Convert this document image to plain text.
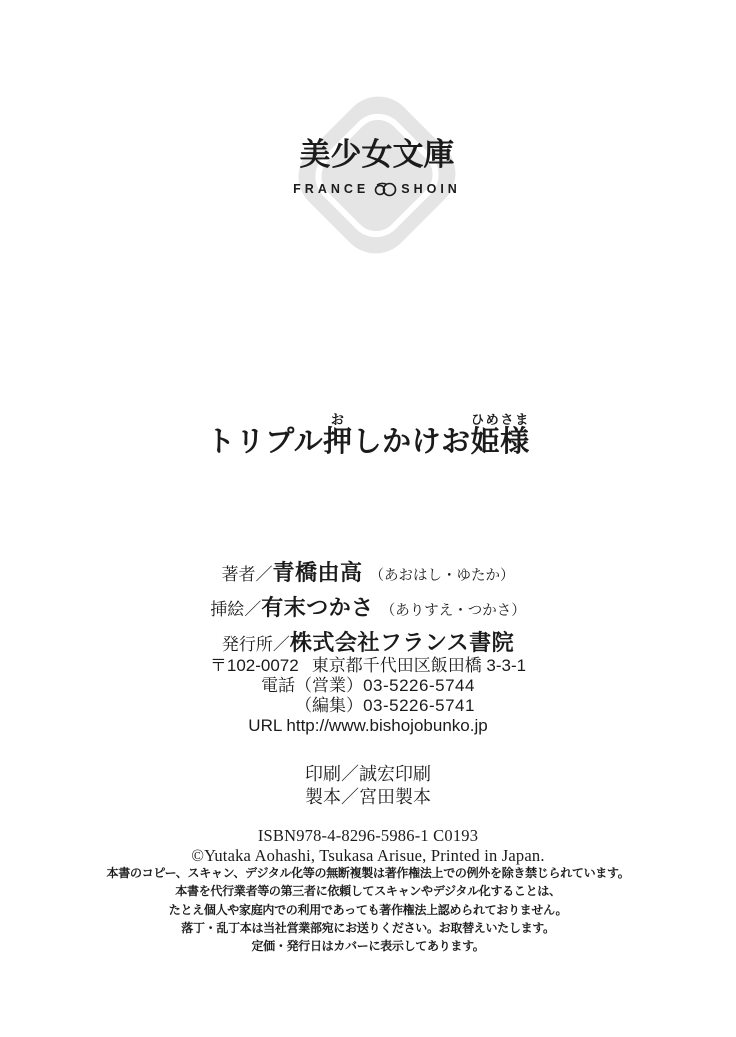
美少女文庫
FRANCE	SHOIN
トリプル押おしかけお姫様ひめさま
著者／青橋由高 （あおはし・ゆたか）
挿絵／有末つかさ （ありすえ・つかさ）
発行所／株式会社フランス書院
〒102-0072 東京都千代田区飯田橋 3-3-1
電話（営業） 03-5226-5744
（編集） 03-5226-5741
URL http://www.bishojobunko.jp
印刷／誠宏印刷
製本／宮田製本
ISBN978-4-8296-5986-1 C0193
©Yutaka Aohashi, Tsukasa Arisue, Printed in Japan.
本書のコピー、スキャン、デジタル化等の無断複製は著作権法上での例外を除き禁じられています。
本書を代行業者等の第三者に依頼してスキャンやデジタル化することは、
たとえ個人や家庭内での利用であっても著作権法上認められておりません。
落丁・乱丁本は当社営業部宛にお送りください。お取替えいたします。
定価・発行日はカバーに表示してあります。
